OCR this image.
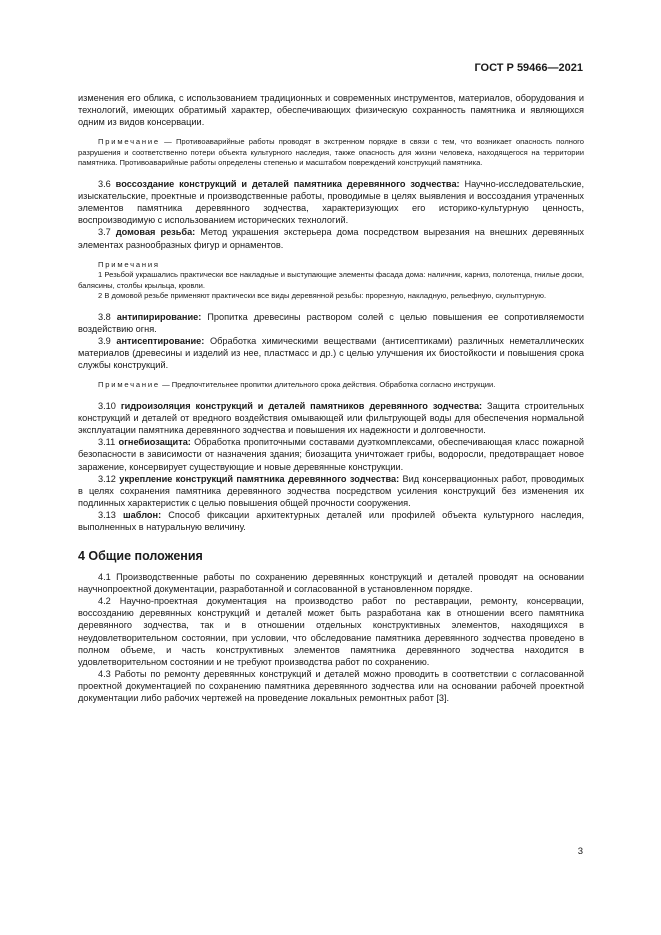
ГОСТ Р 59466—2021

изменения его облика, с использованием традиционных и современных инструментов, материалов, оборудования и технологий, имеющих обратимый характер, обеспечивающих физическую сохранность памятника и являющихся одним из видов консервации.

Примечание — Противоаварийные работы проводят в экстренном порядке в связи с тем, что возникает опасность полного разрушения и соответственно потери объекта культурного наследия, также опасность для жизни человека, находящегося на территории памятника. Противоаварийные работы определены степенью и масштабом повреждений конструкций памятника.

3.6 воссоздание конструкций и деталей памятника деревянного зодчества: Научно-исследовательские, изыскательские, проектные и производственные работы, проводимые в целях выявления и воссоздания утраченных элементов памятника деревянного зодчества, характеризующих его историко-культурную ценность, воспроизводимую с использованием исторических технологий.

3.7 домовая резьба: Метод украшения экстерьера дома посредством вырезания на внешних деревянных элементах разнообразных фигур и орнаментов.

Примечания

1 Резьбой украшались практически все накладные и выступающие элементы фасада дома: наличник, карниз, полотенца, гнилые доски, балясины, столбы крыльца, кровли.

2 В домовой резьбе применяют практически все виды деревянной резьбы: прорезную, накладную, рельефную, скульптурную.

3.8 антипирирование: Пропитка древесины раствором солей с целью повышения ее сопротивляемости воздействию огня.

3.9 антисептирование: Обработка химическими веществами (антисептиками) различных неметаллических материалов (древесины и изделий из нее, пластмасс и др.) с целью улучшения их биостойкости и повышения срока службы конструкций.

Примечание — Предпочтительнее пропитки длительного срока действия. Обработка согласно инструкции.

3.10 гидроизоляция конструкций и деталей памятников деревянного зодчества: Защита строительных конструкций и деталей от вредного воздействия омывающей или фильтрующей воды для обеспечения нормальной эксплуатации памятника деревянного зодчества и повышения их надежности и долговечности.

3.11 огнебиозащита: Обработка пропиточными составами дуэткомплексами, обеспечивающая класс пожарной безопасности в зависимости от назначения здания; биозащита уничтожает грибы, водоросли, предотвращает новое заражение, консервирует существующие и новые деревянные конструкции.

3.12 укрепление конструкций памятника деревянного зодчества: Вид консервационных работ, проводимых в целях сохранения памятника деревянного зодчества посредством усиления конструкций без изменения их подлинных характеристик с целью повышения общей прочности сооружения.

3.13 шаблон: Способ фиксации архитектурных деталей или профилей объекта культурного наследия, выполненных в натуральную величину.

4 Общие положения

4.1 Производственные работы по сохранению деревянных конструкций и деталей проводят на основании научнопроектной документации, разработанной и согласованной в установленном порядке.

4.2 Научно-проектная документация на производство работ по реставрации, ремонту, консервации, воссозданию деревянных конструкций и деталей может быть разработана как в отношении всего памятника деревянного зодчества, так и в отношении отдельных конструктивных элементов, находящихся в неудовлетворительном состоянии, при условии, что обследование памятника деревянного зодчества проведено в полном объеме, и часть конструктивных элементов памятника деревянного зодчества находится в удовлетворительном состоянии и не требуют производства работ по сохранению.

4.3 Работы по ремонту деревянных конструкций и деталей можно проводить в соответствии с согласованной проектной документацией по сохранению памятника деревянного зодчества или на основании рабочей проектной документации либо рабочих чертежей на проведение локальных ремонтных работ [3].

3
